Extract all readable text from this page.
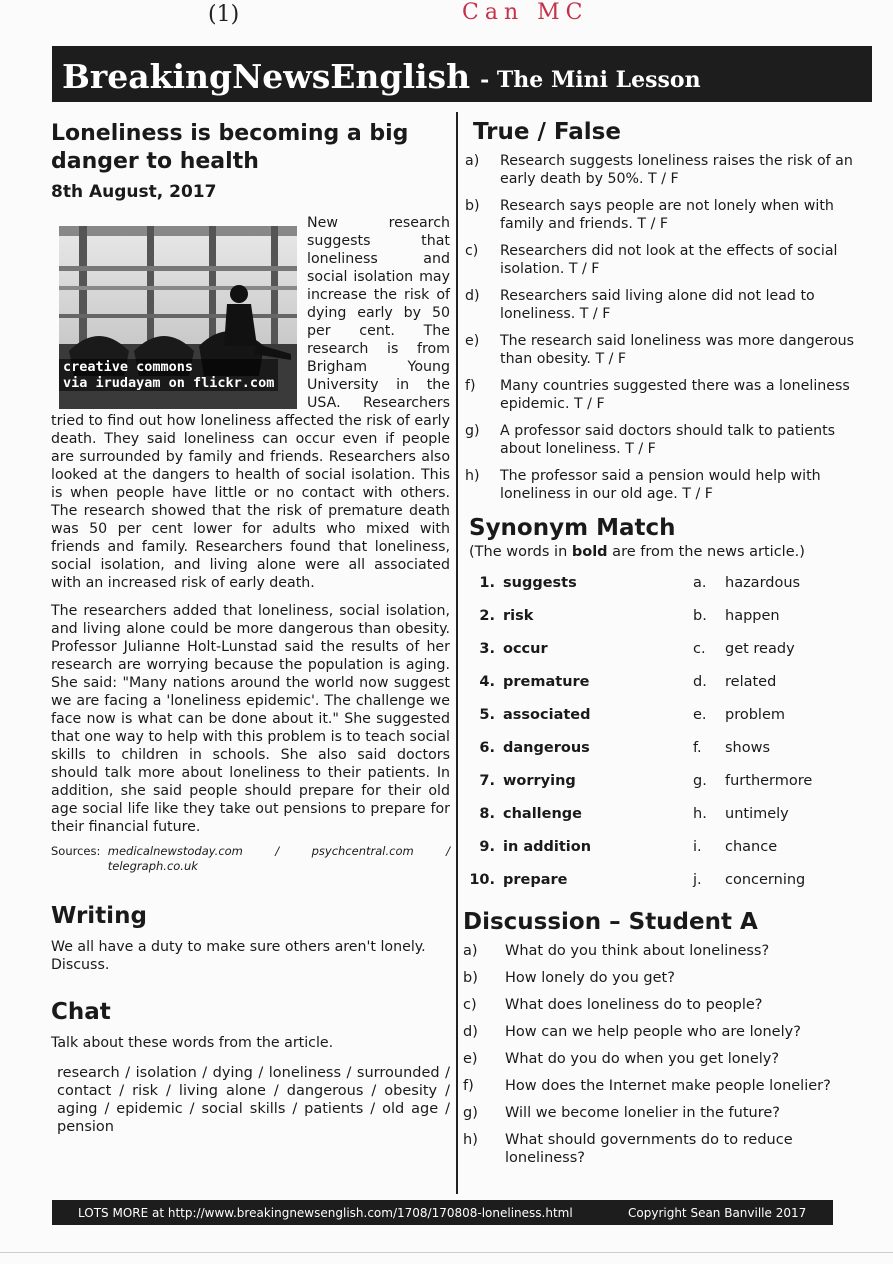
(1)	Can MC
BreakingNewsEnglish - The Mini Lesson
Loneliness is becoming a big danger to health
8th August, 2017
creative commons
via irudayam on flickr.com

New research suggests that loneliness and social isolation may increase the risk of dying early by 50 per cent. The research is from Brigham Young University in the USA. Researchers tried to find out how loneliness affected the risk of early death. They said loneliness can occur even if people are surrounded by family and friends. Researchers also looked at the dangers to health of social isolation. This is when people have little or no contact with others. The research showed that the risk of premature death was 50 per cent lower for adults who mixed with friends and family. Researchers found that loneliness, social isolation, and living alone were all associated with an increased risk of early death.

The researchers added that loneliness, social isolation, and living alone could be more dangerous than obesity. Professor Julianne Holt-Lunstad said the results of her research are worrying because the population is aging. She said: "Many nations around the world now suggest we are facing a 'loneliness epidemic'. The challenge we face now is what can be done about it." She suggested that one way to help with this problem is to teach social skills to children in schools. She also said doctors should talk more about loneliness to their patients. In addition, she said people should prepare for their old age social life like they take out pensions to prepare for their financial future.

Sources: medicalnewstoday.com / psychcentral.com / telegraph.co.uk
Writing
We all have a duty to make sure others aren't lonely. Discuss.
Chat
Talk about these words from the article.
research / isolation / dying / loneliness / surrounded / contact / risk / living alone / dangerous / obesity / aging / epidemic / social skills / patients / old age / pension
True / False
a)	Research suggests loneliness raises the risk of an early death by 50%. T / F
b)	Research says people are not lonely when with family and friends. T / F
c)	Researchers did not look at the effects of social isolation. T / F
d)	Researchers said living alone did not lead to loneliness. T / F
e)	The research said loneliness was more dangerous than obesity. T / F
f)	Many countries suggested there was a loneliness epidemic. T / F
g)	A professor said doctors should talk to patients about loneliness. T / F
h)	The professor said a pension would help with loneliness in our old age. T / F
Synonym Match
(The words in bold are from the news article.)
1. suggests	a.	hazardous
2. risk	b.	happen
3. occur	c.	get ready
4. premature	d.	related
5. associated	e.	problem
6. dangerous	f.	shows
7. worrying	g.	furthermore
8. challenge	h.	untimely
9. in addition	i.	chance
10. prepare	j.	concerning
Discussion – Student A
a)	What do you think about loneliness?
b)	How lonely do you get?
c)	What does loneliness do to people?
d)	How can we help people who are lonely?
e)	What do you do when you get lonely?
f)	How does the Internet make people lonelier?
g)	Will we become lonelier in the future?
h)	What should governments do to reduce loneliness?
LOTS MORE at http://www.breakingnewsenglish.com/1708/170808-loneliness.html	Copyright Sean Banville 2017
